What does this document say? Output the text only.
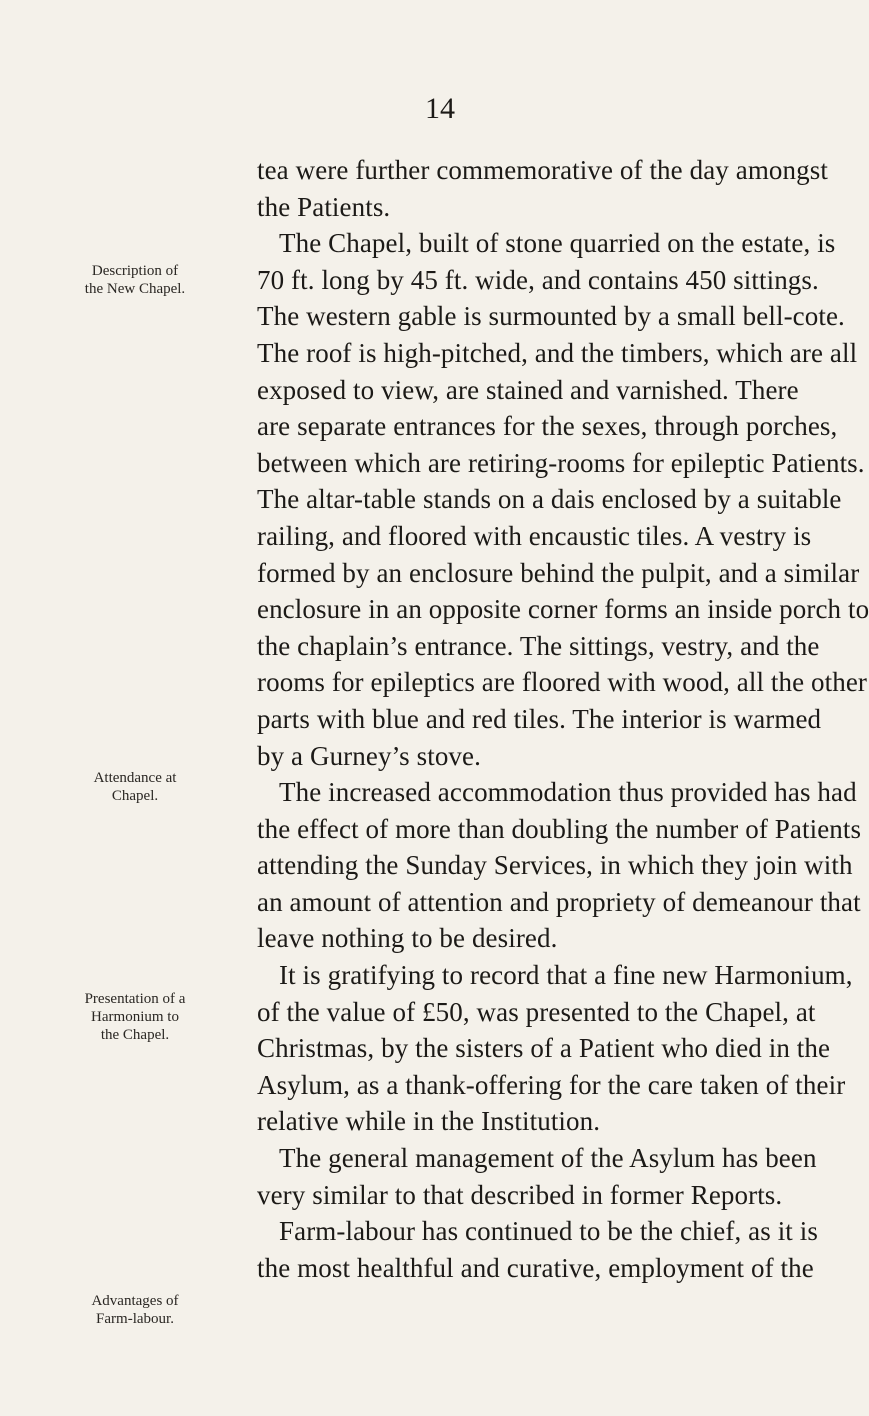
14
Description of
the New Chapel.
Attendance at
Chapel.
Presentation of a
Harmonium to
the Chapel.
Advantages of
Farm-labour.
tea were further commemorative of the day amongst
the Patients.
The Chapel, built of stone quarried on the estate, is
70 ft. long by 45 ft. wide, and contains 450 sittings.
The western gable is surmounted by a small bell-cote.
The roof is high-pitched, and the timbers, which are all
exposed to view, are stained and varnished. There
are separate entrances for the sexes, through porches,
between which are retiring-rooms for epileptic Patients.
The altar-table stands on a dais enclosed by a suitable
railing, and floored with encaustic tiles. A vestry is
formed by an enclosure behind the pulpit, and a similar
enclosure in an opposite corner forms an inside porch to
the chaplain’s entrance. The sittings, vestry, and the
rooms for epileptics are floored with wood, all the other
parts with blue and red tiles. The interior is warmed
by a Gurney’s stove.
The increased accommodation thus provided has had
the effect of more than doubling the number of Patients
attending the Sunday Services, in which they join with
an amount of attention and propriety of demeanour that
leave nothing to be desired.
It is gratifying to record that a fine new Harmonium,
of the value of £50, was presented to the Chapel, at
Christmas, by the sisters of a Patient who died in the
Asylum, as a thank-offering for the care taken of their
relative while in the Institution.
The general management of the Asylum has been
very similar to that described in former Reports.
Farm-labour has continued to be the chief, as it is
the most healthful and curative, employment of the
